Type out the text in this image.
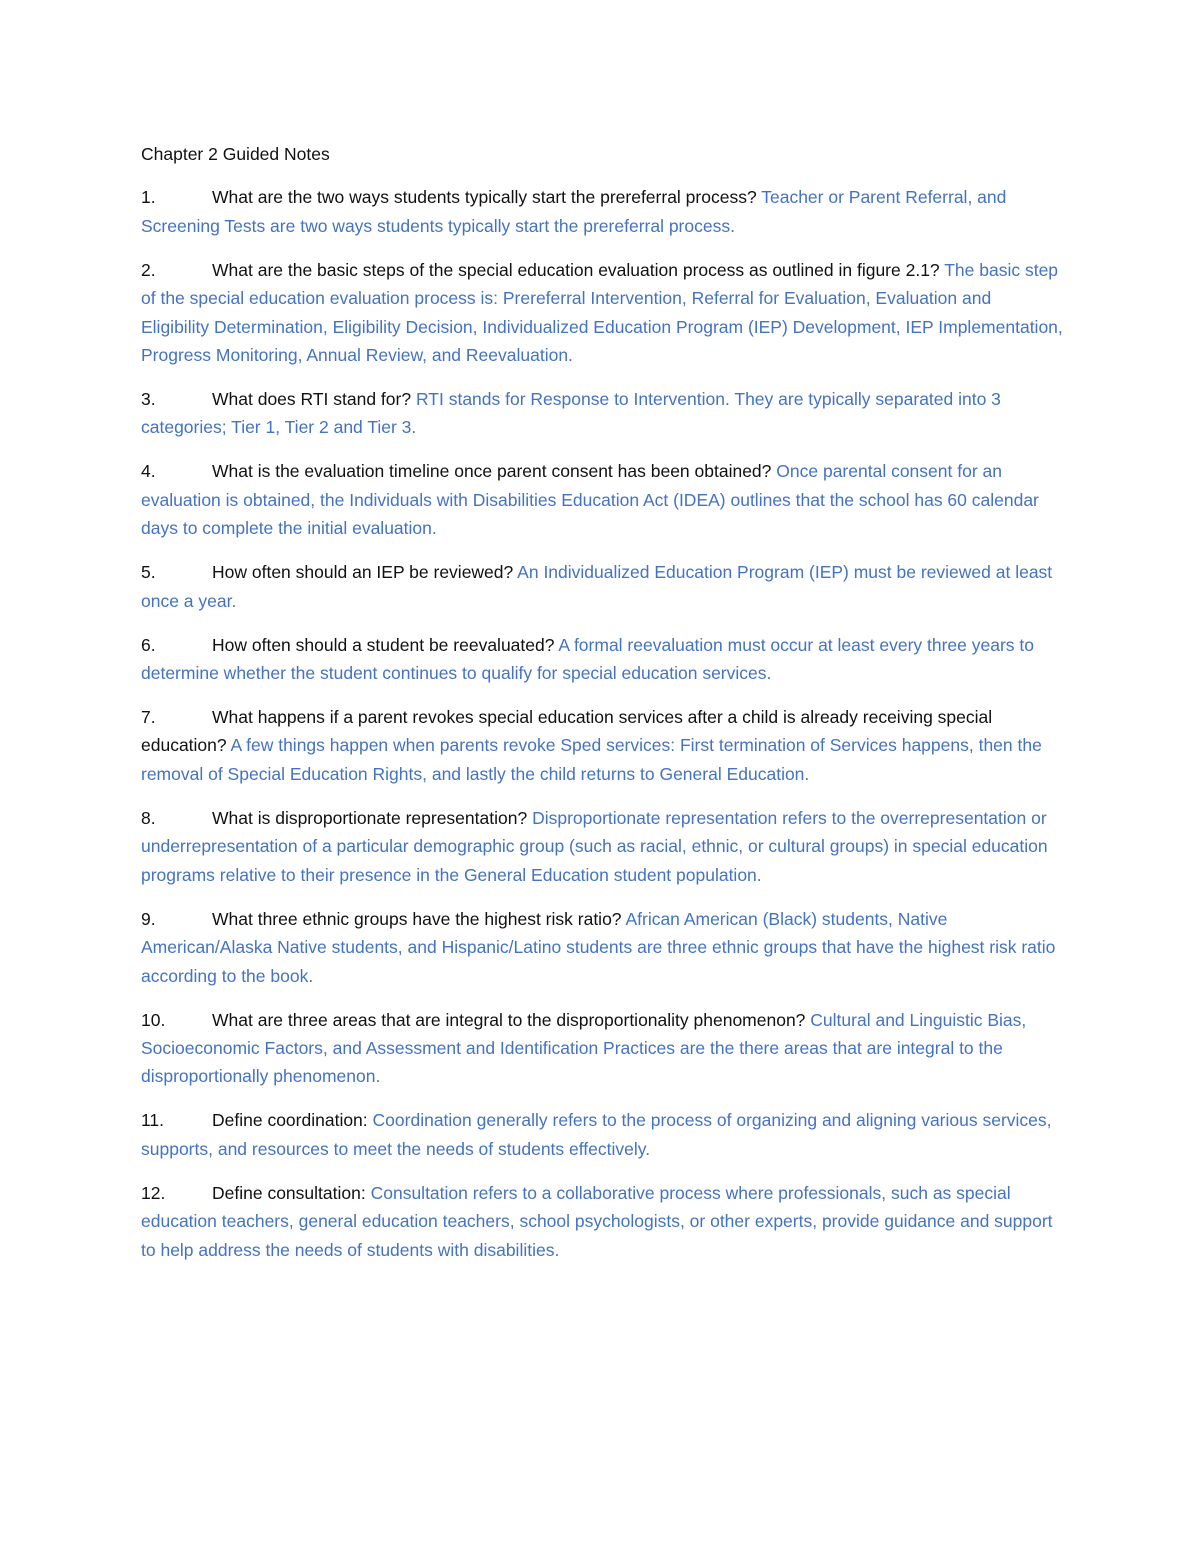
Chapter 2 Guided Notes
1.	What are the two ways students typically start the prereferral process? Teacher or Parent Referral, and Screening Tests are two ways students typically start the prereferral process.
2.	What are the basic steps of the special education evaluation process as outlined in figure 2.1? The basic step of the special education evaluation process is: Prereferral Intervention, Referral for Evaluation, Evaluation and Eligibility Determination, Eligibility Decision, Individualized Education Program (IEP) Development, IEP Implementation, Progress Monitoring, Annual Review, and Reevaluation.
3.	What does RTI stand for? RTI stands for Response to Intervention. They are typically separated into 3 categories; Tier 1, Tier 2 and Tier 3.
4.	What is the evaluation timeline once parent consent has been obtained? Once parental consent for an evaluation is obtained, the Individuals with Disabilities Education Act (IDEA) outlines that the school has 60 calendar days to complete the initial evaluation.
5.	How often should an IEP be reviewed? An Individualized Education Program (IEP) must be reviewed at least once a year.
6.	How often should a student be reevaluated? A formal reevaluation must occur at least every three years to determine whether the student continues to qualify for special education services.
7.	What happens if a parent revokes special education services after a child is already receiving special education? A few things happen when parents revoke Sped services: First termination of Services happens, then the removal of Special Education Rights, and lastly the child returns to General Education.
8.	What is disproportionate representation? Disproportionate representation refers to the overrepresentation or underrepresentation of a particular demographic group (such as racial, ethnic, or cultural groups) in special education programs relative to their presence in the General Education student population.
9.	What three ethnic groups have the highest risk ratio? African American (Black) students, Native American/Alaska Native students, and Hispanic/Latino students are three ethnic groups that have the highest risk ratio according to the book.
10.	What are three areas that are integral to the disproportionality phenomenon? Cultural and Linguistic Bias, Socioeconomic Factors, and Assessment and Identification Practices are the there areas that are integral to the disproportionally phenomenon.
11.	Define coordination: Coordination generally refers to the process of organizing and aligning various services, supports, and resources to meet the needs of students effectively.
12.	Define consultation: Consultation refers to a collaborative process where professionals, such as special education teachers, general education teachers, school psychologists, or other experts, provide guidance and support to help address the needs of students with disabilities.
